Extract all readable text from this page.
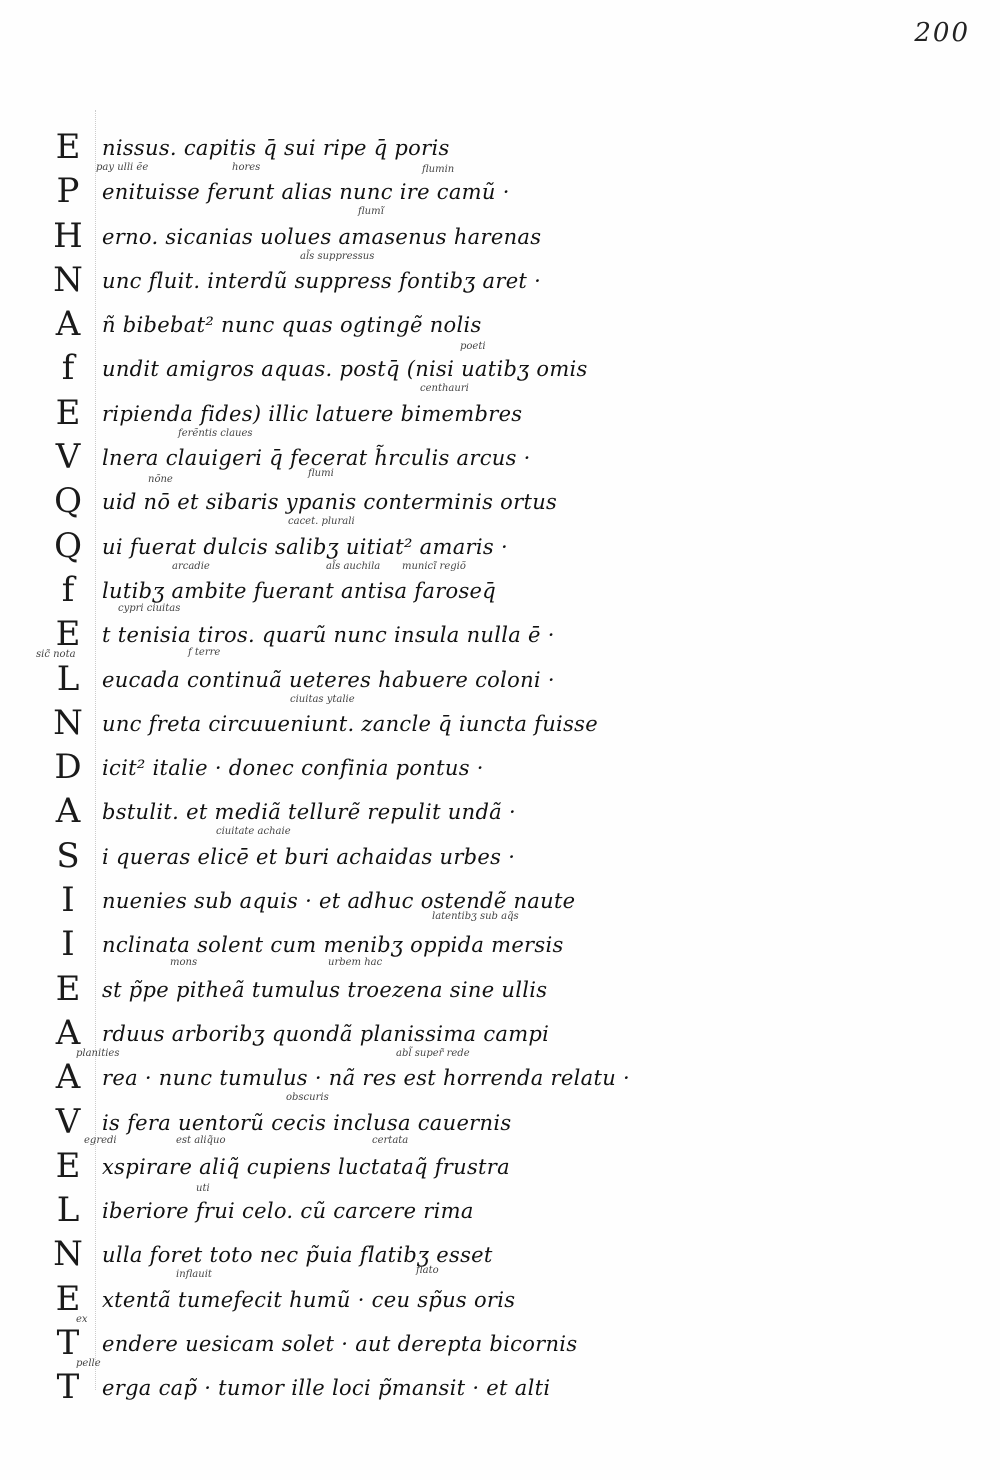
200
E	nissus. capitis q̄ sui ripe q̄ poris
pay ulli ẽe	hores	flumin
P	enituisse ferunt alias nunc ire camũ ·
flumĩ
H erno. sicanias uolues amasenus harenas
al̃s suppressus
N unc fluit. interdũ suppress fontibʒ aret ·
A	ñ bibebat² nunc quas ogtingẽ nolis
poeti
f	undit amigros aquas. postq̄ (nisi uatibʒ omis
centhauri
E	ripienda fides) illic latuere bimembres
ferẽntis claues
V	lnera clauigeri q̄ fecerat h̃rculis arcus ·
nõne
flumi
Q uid nō et sibaris ypanis conterminis ortus
cacet. plurali
Q ui fuerat dulcis salibʒ uitiat² amaris ·
arcadie	al̃s auchila municĩ regiõ
f	lutibʒ ambite fuerant antisa faroseq̄
cypri ciuitas
E	t tenisia tiros. quarũ nunc insula nulla ē ·
sic̃ nota	f terre
L	eucada continuã ueteres habuere coloni ·
ciuitas ytalie
N unc freta circuueniunt. zancle q̄ iuncta fuisse
D icit² italie · donec confinia pontus ·
A	bstulit. et mediã tellurẽ repulit undã ·
ciuitate achaie
S	i queras elicē et buri achaidas urbes ·
I	nuenies sub aquis · et adhuc ostendẽ naute
latentibʒ sub aq̃s
I	nclinata solent cum menibʒ oppida mersis
mons	urbem hac
E	st p̃pe pitheã tumulus troezena sine ullis
A	rduus arboribʒ quondã planissima campi
planities	abl̃ super̃ rede
A	rea · nunc tumulus · nã res est horrenda relatu ·
obscuris
V	is fera uentorũ cecis inclusa cauernis
egredi	est aliq̃uo	certata
E	xspirare aliq̃ cupiens luctataq̃ frustra
uti
L	iberiore frui celo. cũ carcere rima
N ulla foret toto nec p̃uia flatibʒ esset
inflauit	flato
E	xtentã tumefecit humũ · ceu sp̃us oris
ex
T	endere uesicam solet · aut derepta bicornis
pelle
T	erga cap̃ · tumor ille loci p̃mansit · et alti
